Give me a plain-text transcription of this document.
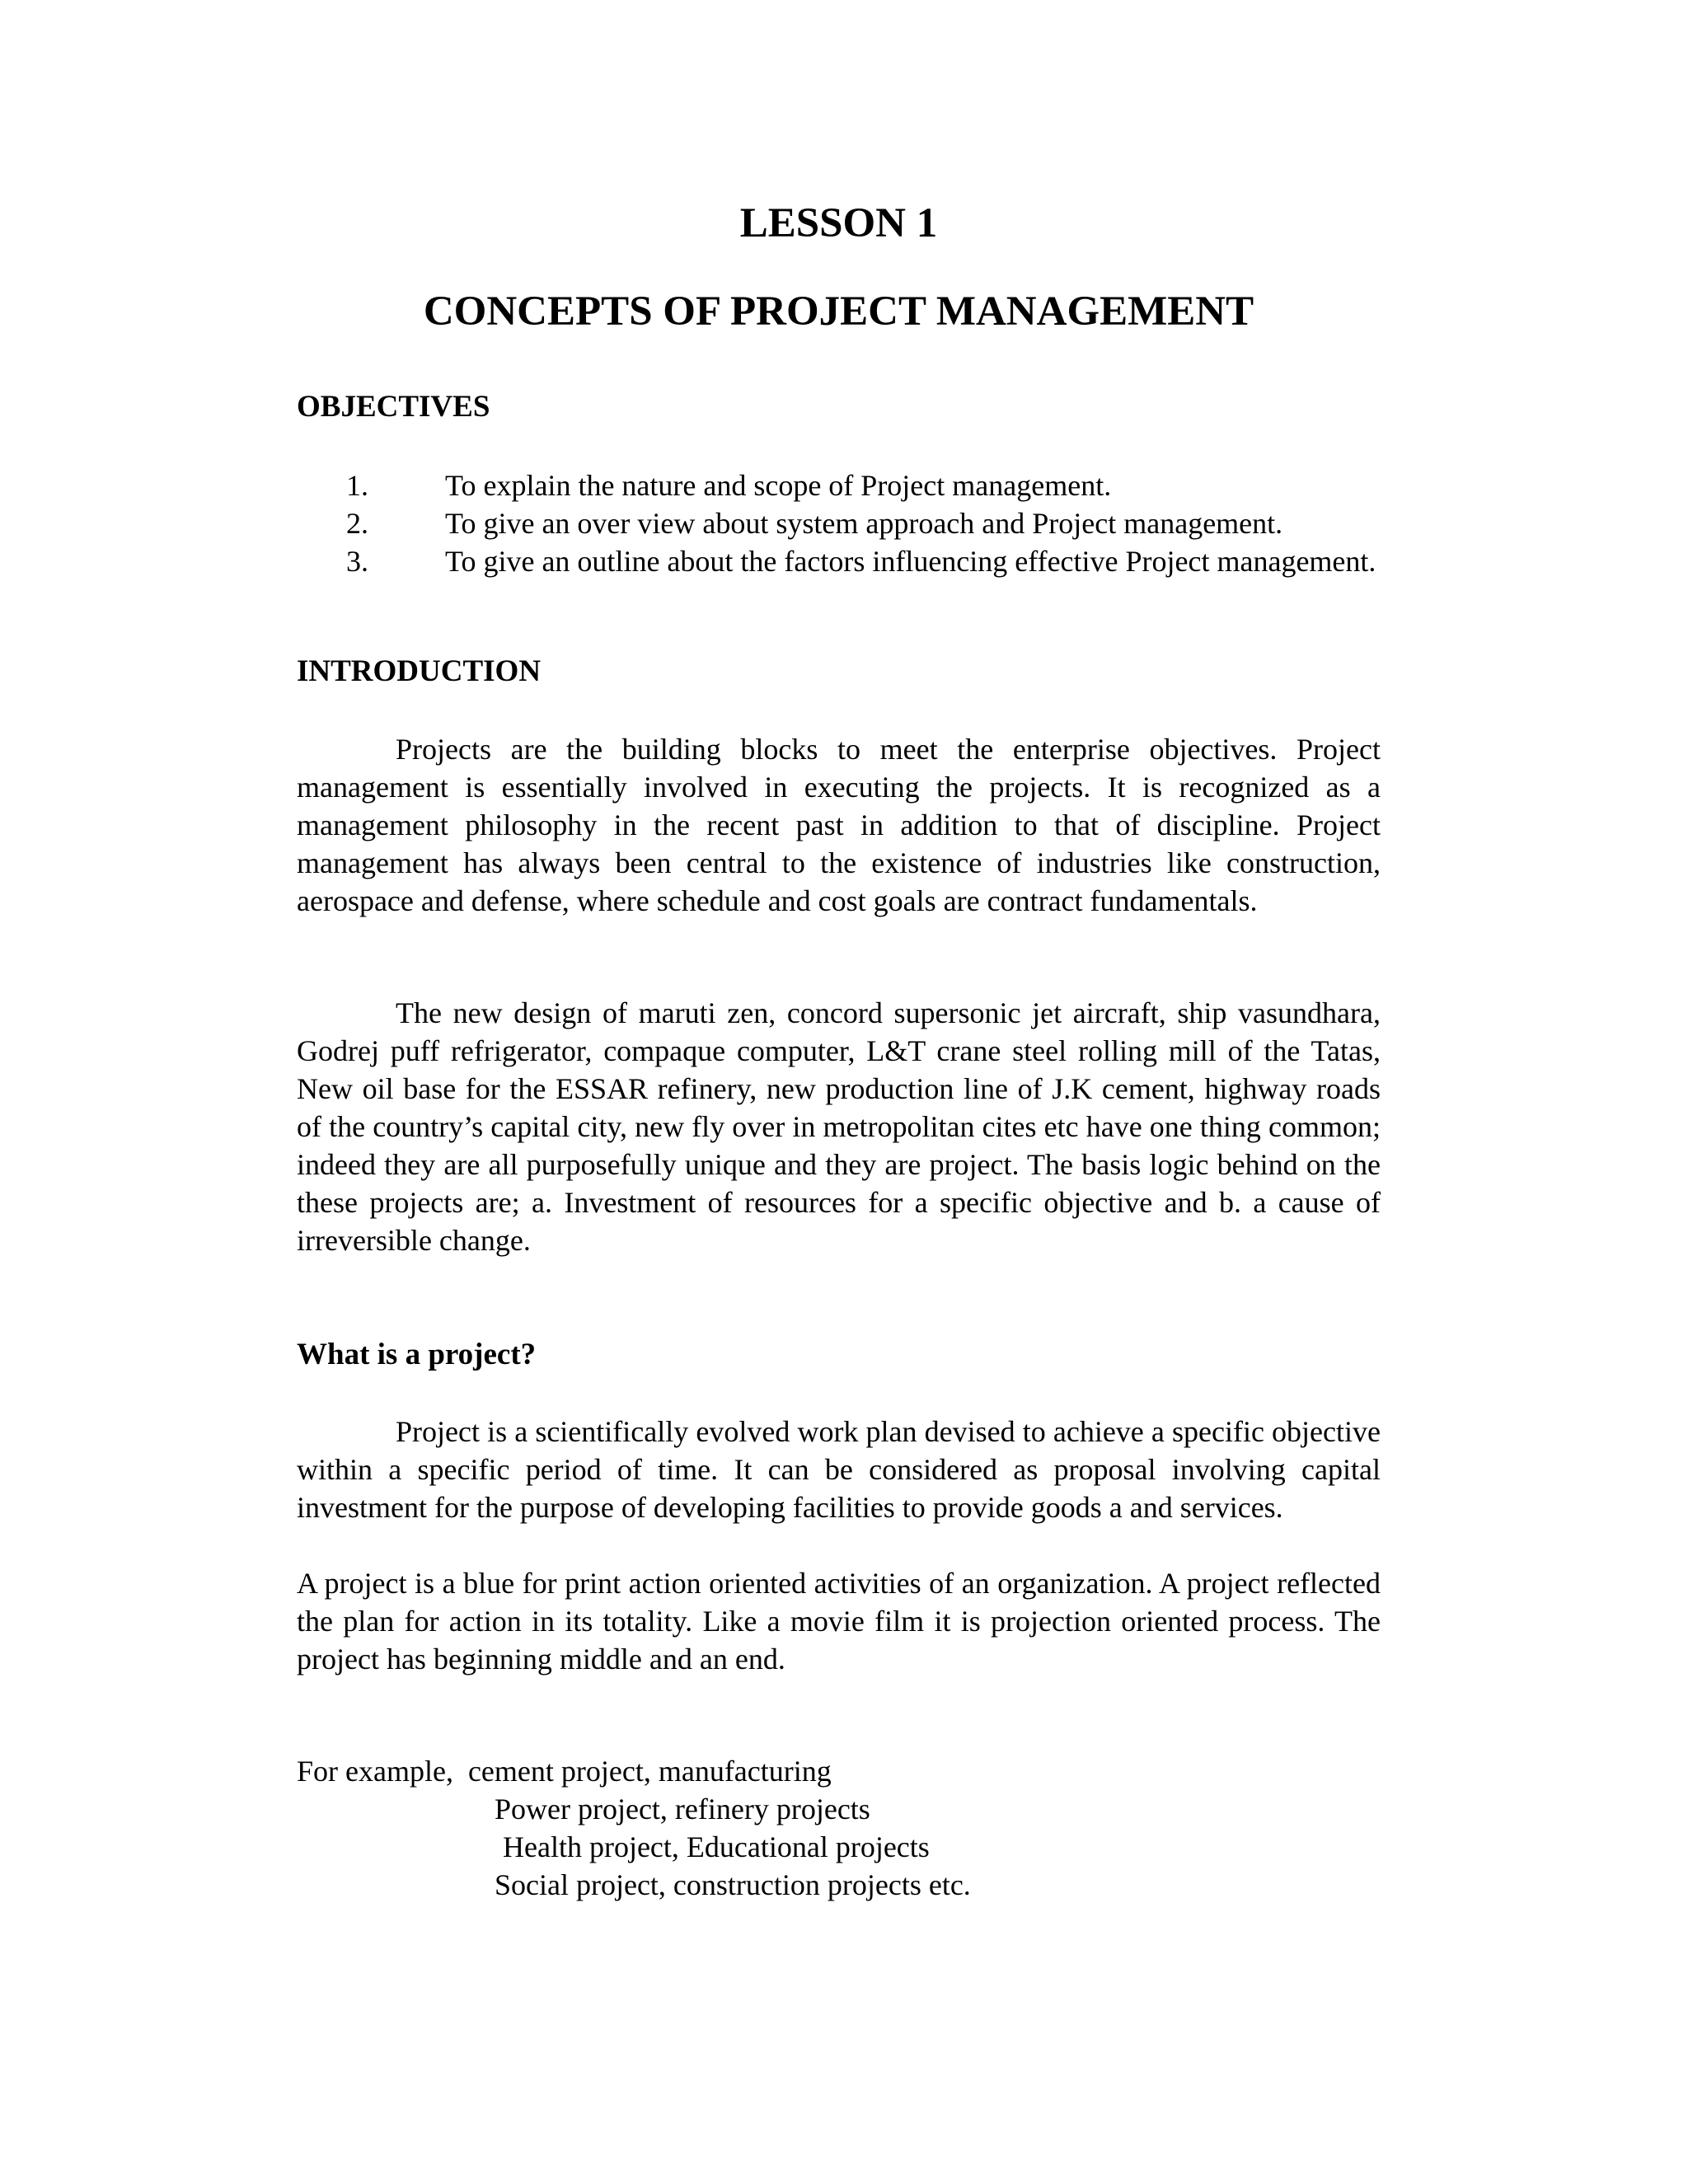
LESSON 1
CONCEPTS OF PROJECT MANAGEMENT
OBJECTIVES
1.	To explain the nature and scope of Project management.
2.	To give an over view about system approach and Project management.
3.	To give an outline about the factors influencing effective Project management.
INTRODUCTION

Projects are the building blocks to meet the enterprise objectives. Project management is essentially involved in executing the projects. It is recognized as a management philosophy in the recent past in addition to that of discipline. Project management has always been central to the existence of industries like construction, aerospace and defense, where schedule and cost goals are contract fundamentals.

The new design of maruti zen, concord supersonic jet aircraft, ship vasundhara, Godrej puff refrigerator, compaque computer, L&T crane steel rolling mill of the Tatas, New oil base for the ESSAR refinery, new production line of J.K cement, highway roads of the country’s capital city, new fly over in metropolitan cites etc have one thing common; indeed they are all purposefully unique and they are project. The basis logic behind on the these projects are; a. Investment of resources for a specific objective and b. a cause of irreversible change.

What is a project?

Project is a scientifically evolved work plan devised to achieve a specific objective within a specific period of time. It can be considered as proposal involving capital investment for the purpose of developing facilities to provide goods a and services.

A project is a blue for print action oriented activities of an organization. A project reflected the plan for action in its totality. Like a movie film it is projection oriented process. The project has beginning middle and an end.

For example,  cement project, manufacturing
Power project, refinery projects
Health project, Educational projects
Social project, construction projects etc.
